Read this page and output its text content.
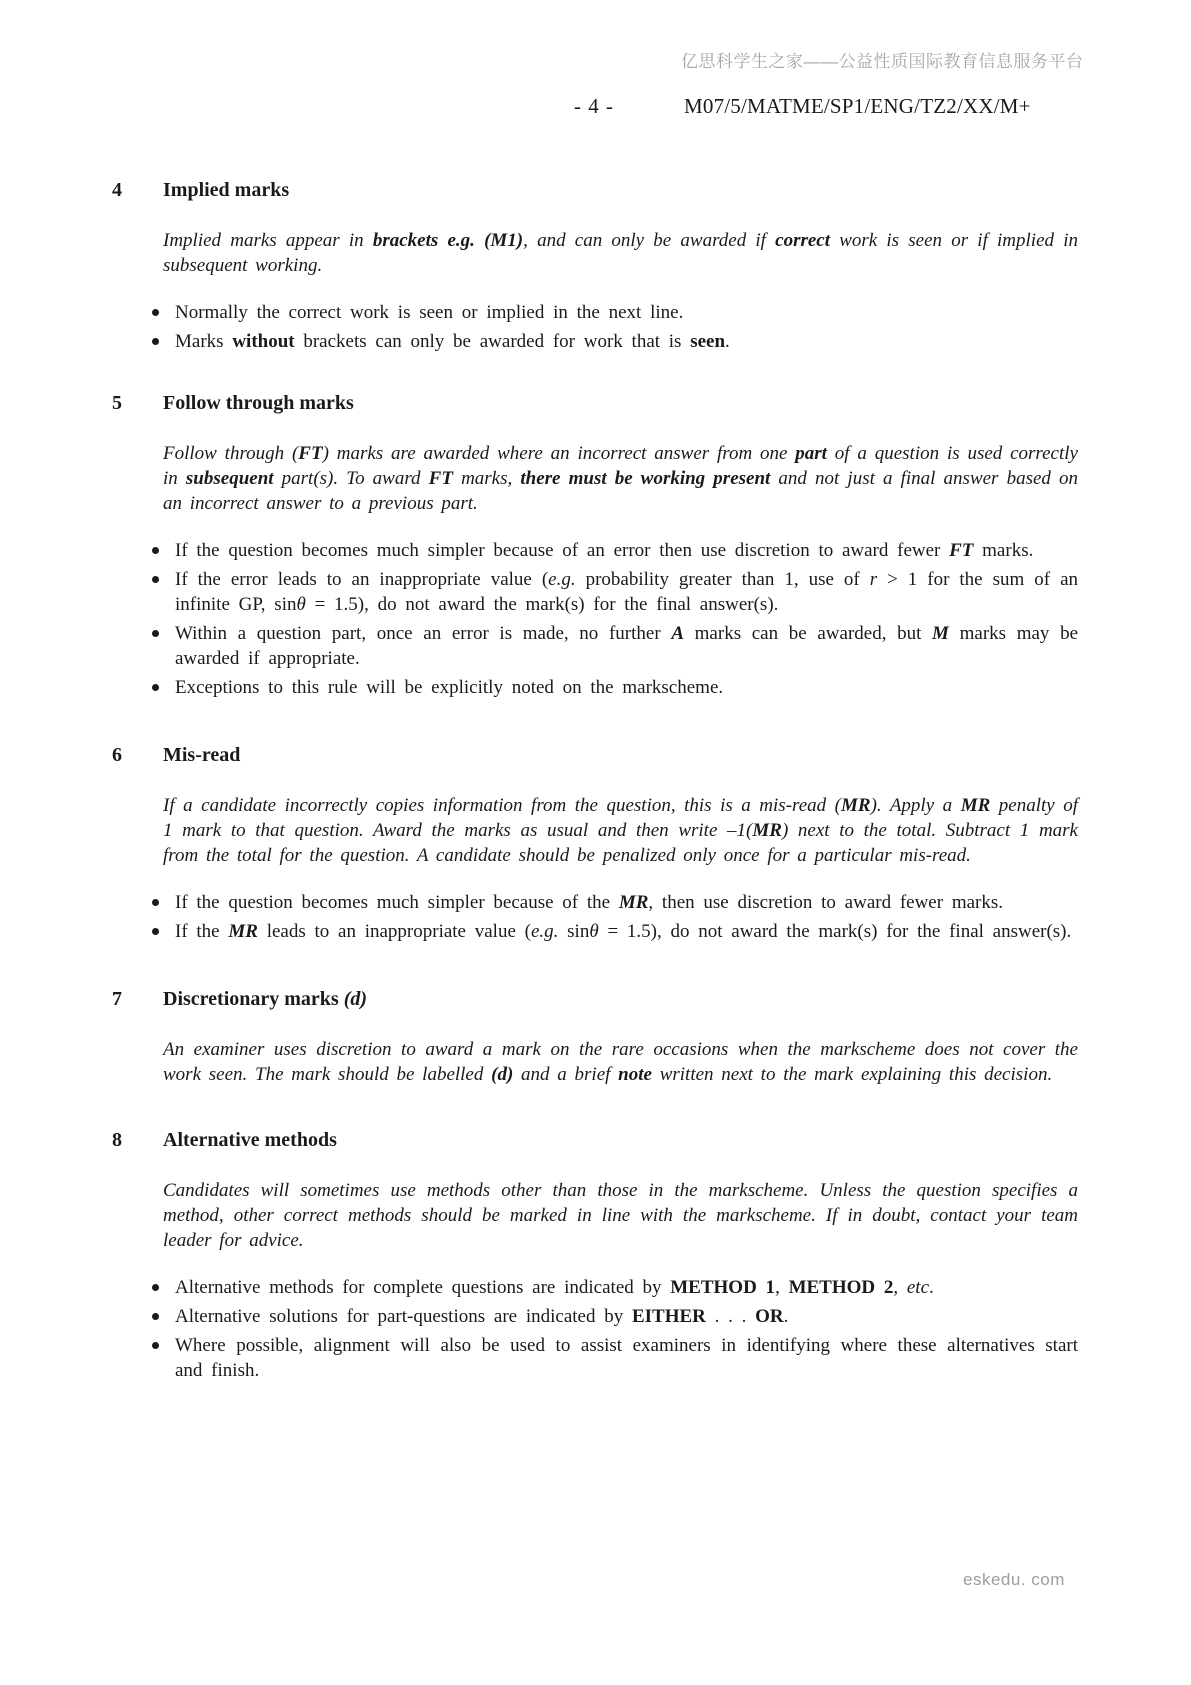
亿思科学生之家——公益性质国际教育信息服务平台
- 4 -	M07/5/MATME/SP1/ENG/TZ2/XX/M+
4 Implied marks

Implied marks appear in brackets e.g. (M1), and can only be awarded if correct work is seen or if implied in subsequent working.

Normally the correct work is seen or implied in the next line.
Marks without brackets can only be awarded for work that is seen.
5 Follow through marks

Follow through (FT) marks are awarded where an incorrect answer from one part of a question is used correctly in subsequent part(s). To award FT marks, there must be working present and not just a final answer based on an incorrect answer to a previous part.

If the question becomes much simpler because of an error then use discretion to award fewer FT marks.
If the error leads to an inappropriate value (e.g. probability greater than 1, use of r > 1 for the sum of an infinite GP, sinθ = 1.5), do not award the mark(s) for the final answer(s).
Within a question part, once an error is made, no further A marks can be awarded, but M marks may be awarded if appropriate.
Exceptions to this rule will be explicitly noted on the markscheme.
6 Mis-read

If a candidate incorrectly copies information from the question, this is a mis-read (MR). Apply a MR penalty of 1 mark to that question. Award the marks as usual and then write –1(MR) next to the total. Subtract 1 mark from the total for the question. A candidate should be penalized only once for a particular mis-read.

If the question becomes much simpler because of the MR, then use discretion to award fewer marks.
If the MR leads to an inappropriate value (e.g. sinθ = 1.5), do not award the mark(s) for the final answer(s).
7 Discretionary marks (d)

An examiner uses discretion to award a mark on the rare occasions when the markscheme does not cover the work seen. The mark should be labelled (d) and a brief note written next to the mark explaining this decision.

8 Alternative methods

Candidates will sometimes use methods other than those in the markscheme. Unless the question specifies a method, other correct methods should be marked in line with the markscheme. If in doubt, contact your team leader for advice.

Alternative methods for complete questions are indicated by METHOD 1, METHOD 2, etc.
Alternative solutions for part-questions are indicated by EITHER . . . OR.
Where possible, alignment will also be used to assist examiners in identifying where these alternatives start and finish.
eskedu. com
